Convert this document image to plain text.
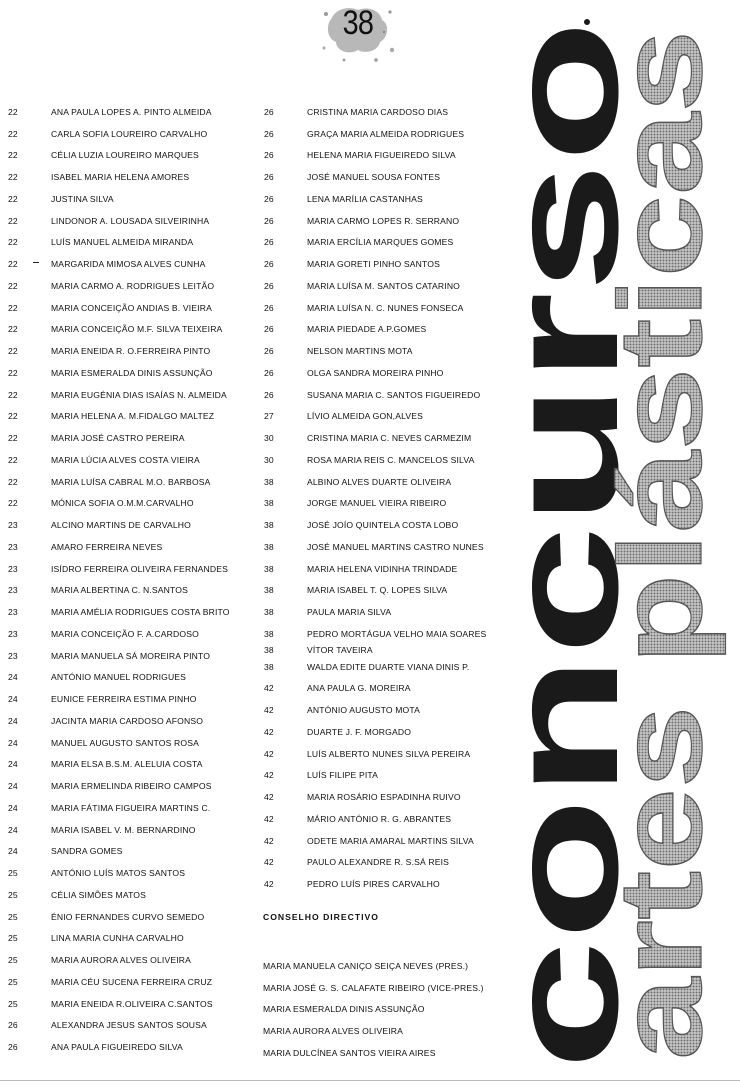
38
22	ANA PAULA LOPES A. PINTO ALMEIDA
22	CARLA SOFIA LOUREIRO CARVALHO
22	CÉLIA LUZIA LOUREIRO MARQUES
22	ISABEL MARIA HELENA AMORES
22	JUSTINA SILVA
22	LINDONOR A. LOUSADA SILVEIRINHA
22	LUÍS MANUEL ALMEIDA MIRANDA
22	MARGARIDA MIMOSA ALVES CUNHA
22	MARIA CARMO A. RODRIGUES LEITÃO
22	MARIA CONCEIÇÃO ANDIAS B. VIEIRA
22	MARIA CONCEIÇÃO M.F. SILVA TEIXEIRA
22	MARIA ENEIDA R. O.FERREIRA PINTO
22	MARIA ESMERALDA DINIS ASSUNÇÃO
22	MARIA EUGÉNIA DIAS ISAÍAS N. ALMEIDA
22	MARIA HELENA A. M.FIDALGO MALTEZ
22	MARIA JOSÉ CASTRO PEREIRA
22	MARIA LÚCIA ALVES COSTA VIEIRA
22	MARIA LUÍSA CABRAL M.O. BARBOSA
22	MÓNICA SOFIA O.M.M.CARVALHO
23	ALCINO MARTINS DE CARVALHO
23	AMARO FERREIRA NEVES
23	ISÍDRO FERREIRA OLIVEIRA FERNANDES
23	MARIA ALBERTINA C. N.SANTOS
23	MARIA AMÉLIA RODRIGUES COSTA BRITO
23	MARIA CONCEIÇÃO F. A.CARDOSO
23	MARIA MANUELA SÁ MOREIRA PINTO
24	ANTÓNIO MANUEL RODRIGUES
24	EUNICE FERREIRA ESTIMA PINHO
24	JACINTA MARIA CARDOSO AFONSO
24	MANUEL AUGUSTO SANTOS ROSA
24	MARIA ELSA B.S.M. ALELUIA COSTA
24	MARIA ERMELINDA RIBEIRO CAMPOS
24	MARIA FÁTIMA FIGUEIRA MARTINS C.
24	MARIA ISABEL V. M. BERNARDINO
24	SANDRA GOMES
25	ANTÓNIO LUÍS MATOS SANTOS
25	CÉLIA SIMÕES MATOS
25	ÉNIO FERNANDES CURVO SEMEDO
25	LINA MARIA CUNHA CARVALHO
25	MARIA AURORA ALVES OLIVEIRA
25	MARIA CÉU SUCENA FERREIRA CRUZ
25	MARIA ENEIDA R.OLIVEIRA C.SANTOS
26	ALEXANDRA JESUS SANTOS SOUSA
26	ANA PAULA FIGUEIREDO SILVA
26	CRISTINA MARIA CARDOSO DIAS
26	GRAÇA MARIA ALMEIDA RODRIGUES
26	HELENA MARIA FIGUEIREDO SILVA
26	JOSÉ MANUEL SOUSA FONTES
26	LENA MARÍLIA CASTANHAS
26	MARIA CARMO LOPES R. SERRANO
26	MARIA ERCÍLIA MARQUES GOMES
26	MARIA GORETI PINHO SANTOS
26	MARIA LUÍSA M. SANTOS CATARINO
26	MARIA LUÍSA N. C. NUNES FONSECA
26	MARIA PIEDADE A.P.GOMES
26	NELSON MARTINS MOTA
26	OLGA SANDRA MOREIRA PINHO
26	SUSANA MARIA C. SANTOS FIGUEIREDO
27	LÍVIO ALMEIDA GON,ALVES
30	CRISTINA MARIA C. NEVES CARMEZIM
30	ROSA MARIA REIS C. MANCELOS SILVA
38	ALBINO ALVES DUARTE OLIVEIRA
38	JORGE MANUEL VIEIRA RIBEIRO
38	JOSÉ JOÍO QUINTELA COSTA LOBO
38	JOSÉ MANUEL MARTINS CASTRO NUNES
38	MARIA HELENA VIDINHA TRINDADE
38	MARIA ISABEL T. Q. LOPES SILVA
38	PAULA MARIA SILVA
38	PEDRO MORTÁGUA VELHO MAIA SOARES
38	VÍTOR TAVEIRA
38	WALDA EDITE DUARTE VIANA DINIS P.
42	ANA PAULA G. MOREIRA
42	ANTÓNIO AUGUSTO MOTA
42	DUARTE J. F. MORGADO
42	LUÍS ALBERTO NUNES SILVA PEREIRA
42	LUÍS FILIPE PITA
42	MARIA ROSÁRIO ESPADINHA RUIVO
42	MÁRIO ANTÓNIO R. G. ABRANTES
42	ODETE MARIA AMARAL MARTINS SILVA
42	PAULO ALEXANDRE R. S.SÁ REIS
42	PEDRO LUÍS PIRES CARVALHO
CONSELHO DIRECTIVO
MARIA MANUELA CANIÇO SEIÇA NEVES (PRES.)
MARIA JOSÉ G. S. CALAFATE RIBEIRO (VICE-PRES.)
MARIA ESMERALDA DINIS ASSUNÇÃO
MARIA AURORA ALVES OLIVEIRA
MARIA DULCÍNEA SANTOS VIEIRA AIRES concurso
artes plásticas
